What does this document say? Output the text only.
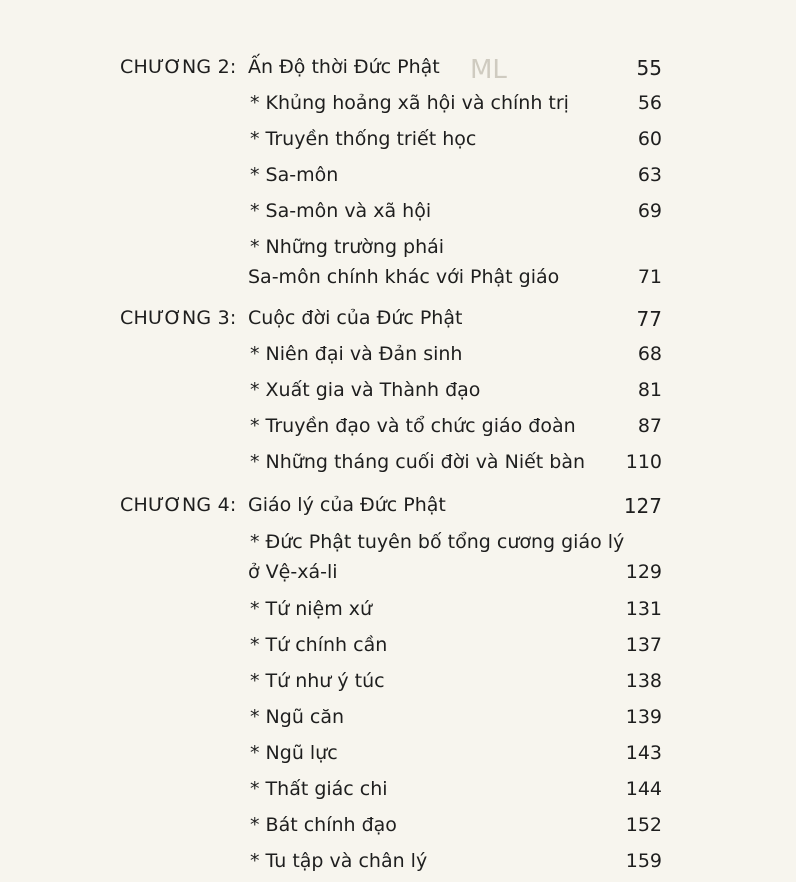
ML
CHƯƠNG 2: Ấn Độ thời Đức Phật	55
* Khủng hoảng xã hội và chính trị	56
* Truyền thống triết học	60
* Sa-môn	63
* Sa-môn và xã hội	69
* Những trường phái
Sa-môn chính khác với Phật giáo	71
CHƯƠNG 3: Cuộc đời của Đức Phật	77
* Niên đại và Đản sinh	68
* Xuất gia và Thành đạo	81
* Truyền đạo và tổ chức giáo đoàn	87
* Những tháng cuối đời và Niết bàn 110
CHƯƠNG 4: Giáo lý của Đức Phật	127
* Đức Phật tuyên bố tổng cương giáo lý
ở Vệ-xá-li	129
* Tứ niệm xứ	131
* Tứ chính cần	137
* Tứ như ý túc	138
* Ngũ căn	139
* Ngũ lực	143
* Thất giác chi	144
* Bát chính đạo	152
* Tu tập và chân lý	159
